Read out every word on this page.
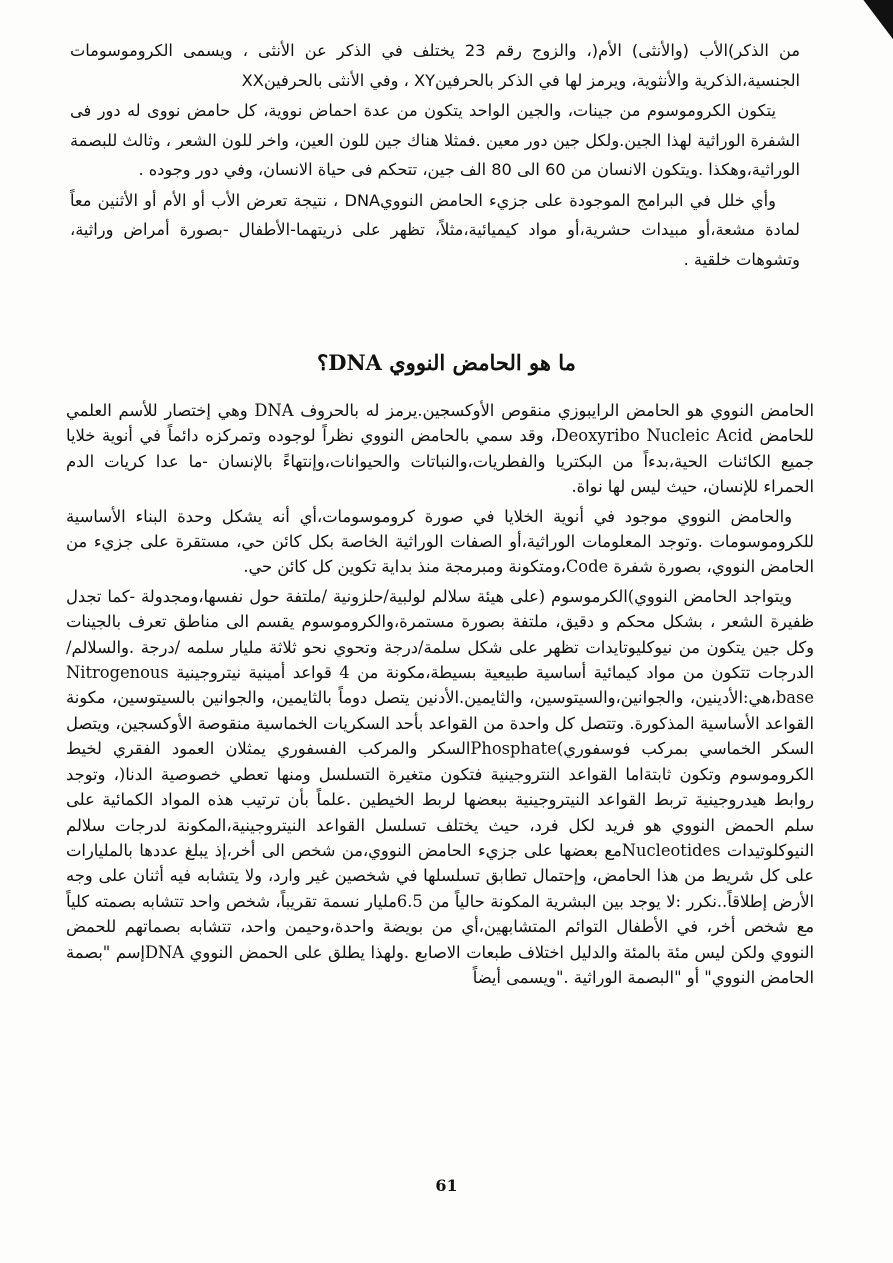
من الذكر)الأب (والأنثى) الأم(، والزوج رقم 23 يختلف في الذكر عن الأنثى ، ويسمى الكروموسومات الجنسية،الذكرية والأنثوية، ويرمز لها في الذكر بالحرفينXY ، وفي الأنثى بالحرفينXX

يتكون الكروموسوم من جينات، والجين الواحد يتكون من عدة احماض نووية، كل حامض نووى له دور فى الشفرة الوراثية لهذا الجين.ولكل جين دور معين .فمثلا هناك جين للون العين، واخر للون الشعر ، وثالث للبصمة الوراثية،وهكذا .ويتكون الانسان من 60 الى 80 الف جين، تتحكم فى حياة الانسان، وفي دور وجوده .

وأي خلل في البرامج الموجودة على جزيء الحامض النوويDNA ، نتيجة تعرض الأب أو الأم أو الأثنين معاً لمادة مشعة،أو مبيدات حشرية،أو مواد كيميائية،مثلاً، تظهر على ذريتهما-الأطفال -بصورة أمراض وراثية، وتشوهات خلقية .

ما هو الحامض النووي DNA؟

الحامض النووي هو الحامض الرايبوزي منقوص الأوكسجين.يرمز له بالحروف DNA وهي إختصار للأسم العلمي للحامض Deoxyribo Nucleic Acid، وقد سمي بالحامض النووي نظراً لوجوده وتمركزه دائماً في أنوية خلايا جميع الكائنات الحية،بدءاً من البكتريا والفطريات،والنباتات والحيوانات،وإنتهاءً بالإنسان -ما عدا كريات الدم الحمراء للإنسان، حيث ليس لها نواة.

والحامض النووي موجود في أنوية الخلايا في صورة كروموسومات،أي أنه يشكل وحدة البناء الأساسية للكروموسومات .وتوجد المعلومات الوراثية،أو الصفات الوراثية الخاصة بكل كائن حي، مستقرة على جزيء من الحامض النووي، بصورة شفرة Code،ومتكونة ومبرمجة منذ بداية تكوين كل كائن حي.

ويتواجد الحامض النووي)الكرموسوم (على هيئة سلالم لولبية/حلزونية /ملتفة حول نفسها،ومجدولة -كما تجدل ظفيرة الشعر ، بشكل محكم و دقيق، ملتفة بصورة مستمرة،والكروموسوم يقسم الى مناطق تعرف بالجينات وكل جين يتكون من نيوكليوتايدات تظهر على شكل سلمة/درجة وتحوي نحو ثلاثة مليار سلمه /درجة .والسلالم/الدرجات تتكون من مواد كيمائية أساسية طبيعية بسيطة،مكونة من 4 قواعد أمينية نيتروجينية Nitrogenous base،هي:الأدينين، والجوانين،والسيتوسين، والثايمين.الأدنين يتصل دوماً بالثايمين، والجوانين بالسيتوسين، مكونة القواعد الأساسية المذكورة. وتتصل كل واحدة من القواعد بأحد السكريات الخماسية منقوصة الأوكسجين، ويتصل السكر الخماسي بمركب فوسفوري)Phosphateالسكر والمركب الفسفوري يمثلان العمود الفقري لخيط الكروموسوم وتكون ثابتةاما القواعد النتروجينية فتكون متغيرة التسلسل ومنها تعطي خصوصية الدنا(، وتوجد روابط هيدروجينية تربط القواعد النيتروجينية ببعضها لربط الخيطين .علماً بأن ترتيب هذه المواد الكمائية على سلم الحمض النووي هو فريد لكل فرد، حيث يختلف تسلسل القواعد النيتروجينية،المكونة لدرجات سلالم النيوكلوتيدات Nucleotidesمع بعضها على جزيء الحامض النووي،من شخص الى أخر،إذ يبلغ عددها بالمليارات على كل شريط من هذا الحامض، وإحتمال تطابق تسلسلها في شخصين غير وارد، ولا يتشابه فيه أثنان على وجه الأرض إطلاقاً..نكرر :لا يوجد بين البشرية المكونة حالياً من 6.5مليار نسمة تقريباً، شخص واحد تتشابه بصمته كلياً مع شخص أخر، في الأطفال التوائم المتشابهين،أي من بويضة واحدة،وحيمن واحد، تتشابه بصماتهم للحمض النووي ولكن ليس مئة بالمئة والدليل اختلاف طبعات الاصابع .ولهذا يطلق على الحمض النووي DNAإسم "بصمة الحامض النووي" أو "البصمة الوراثية ."ويسمى أيضاً

61
